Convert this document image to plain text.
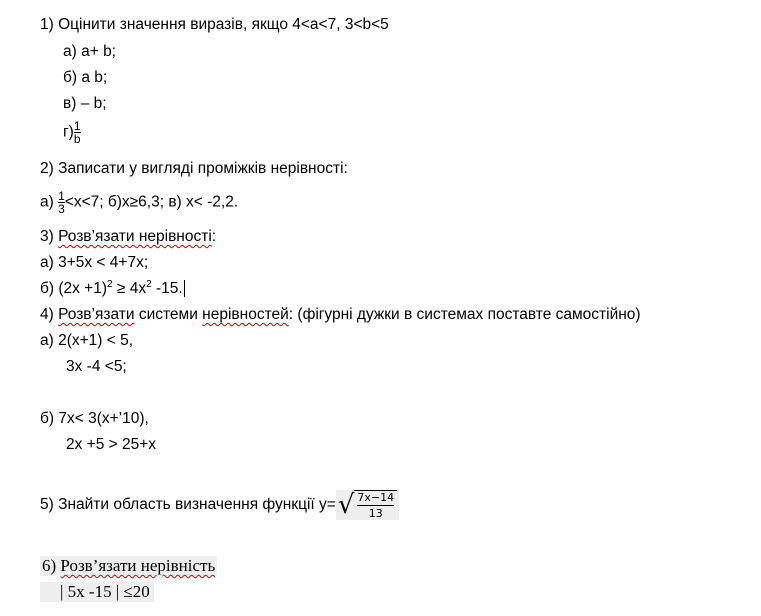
1) Оцінити значення виразів, якщо 4<a<7, 3<b<5
а) a+ b;
б) a b;
в) – b;
$г) \frac{1}{b}$
2) Записати у вигляді проміжків нерівності:
$а) \frac{1}{3} <x<7$; б)x≥6,3; в) x< -2,2.
3) Розв’язати нерівності:
а) 3+5x < 4+7x;
б) $(2x +1)^2 \ge 4x^2$ -15.
4) Розв’язати системи нерівностей: (фігурні дужки в системах поставте самостійно)
а) 2(x+1) < 5,
3x -4 <5;
б) 7x< 3(x+’10),
2x +5 > 25+x
5) Знайти область визначення функції $y=√ \frac{7x-14}{13}$
6) Розв’язати нерівність
| 5x -15 | ≤20
